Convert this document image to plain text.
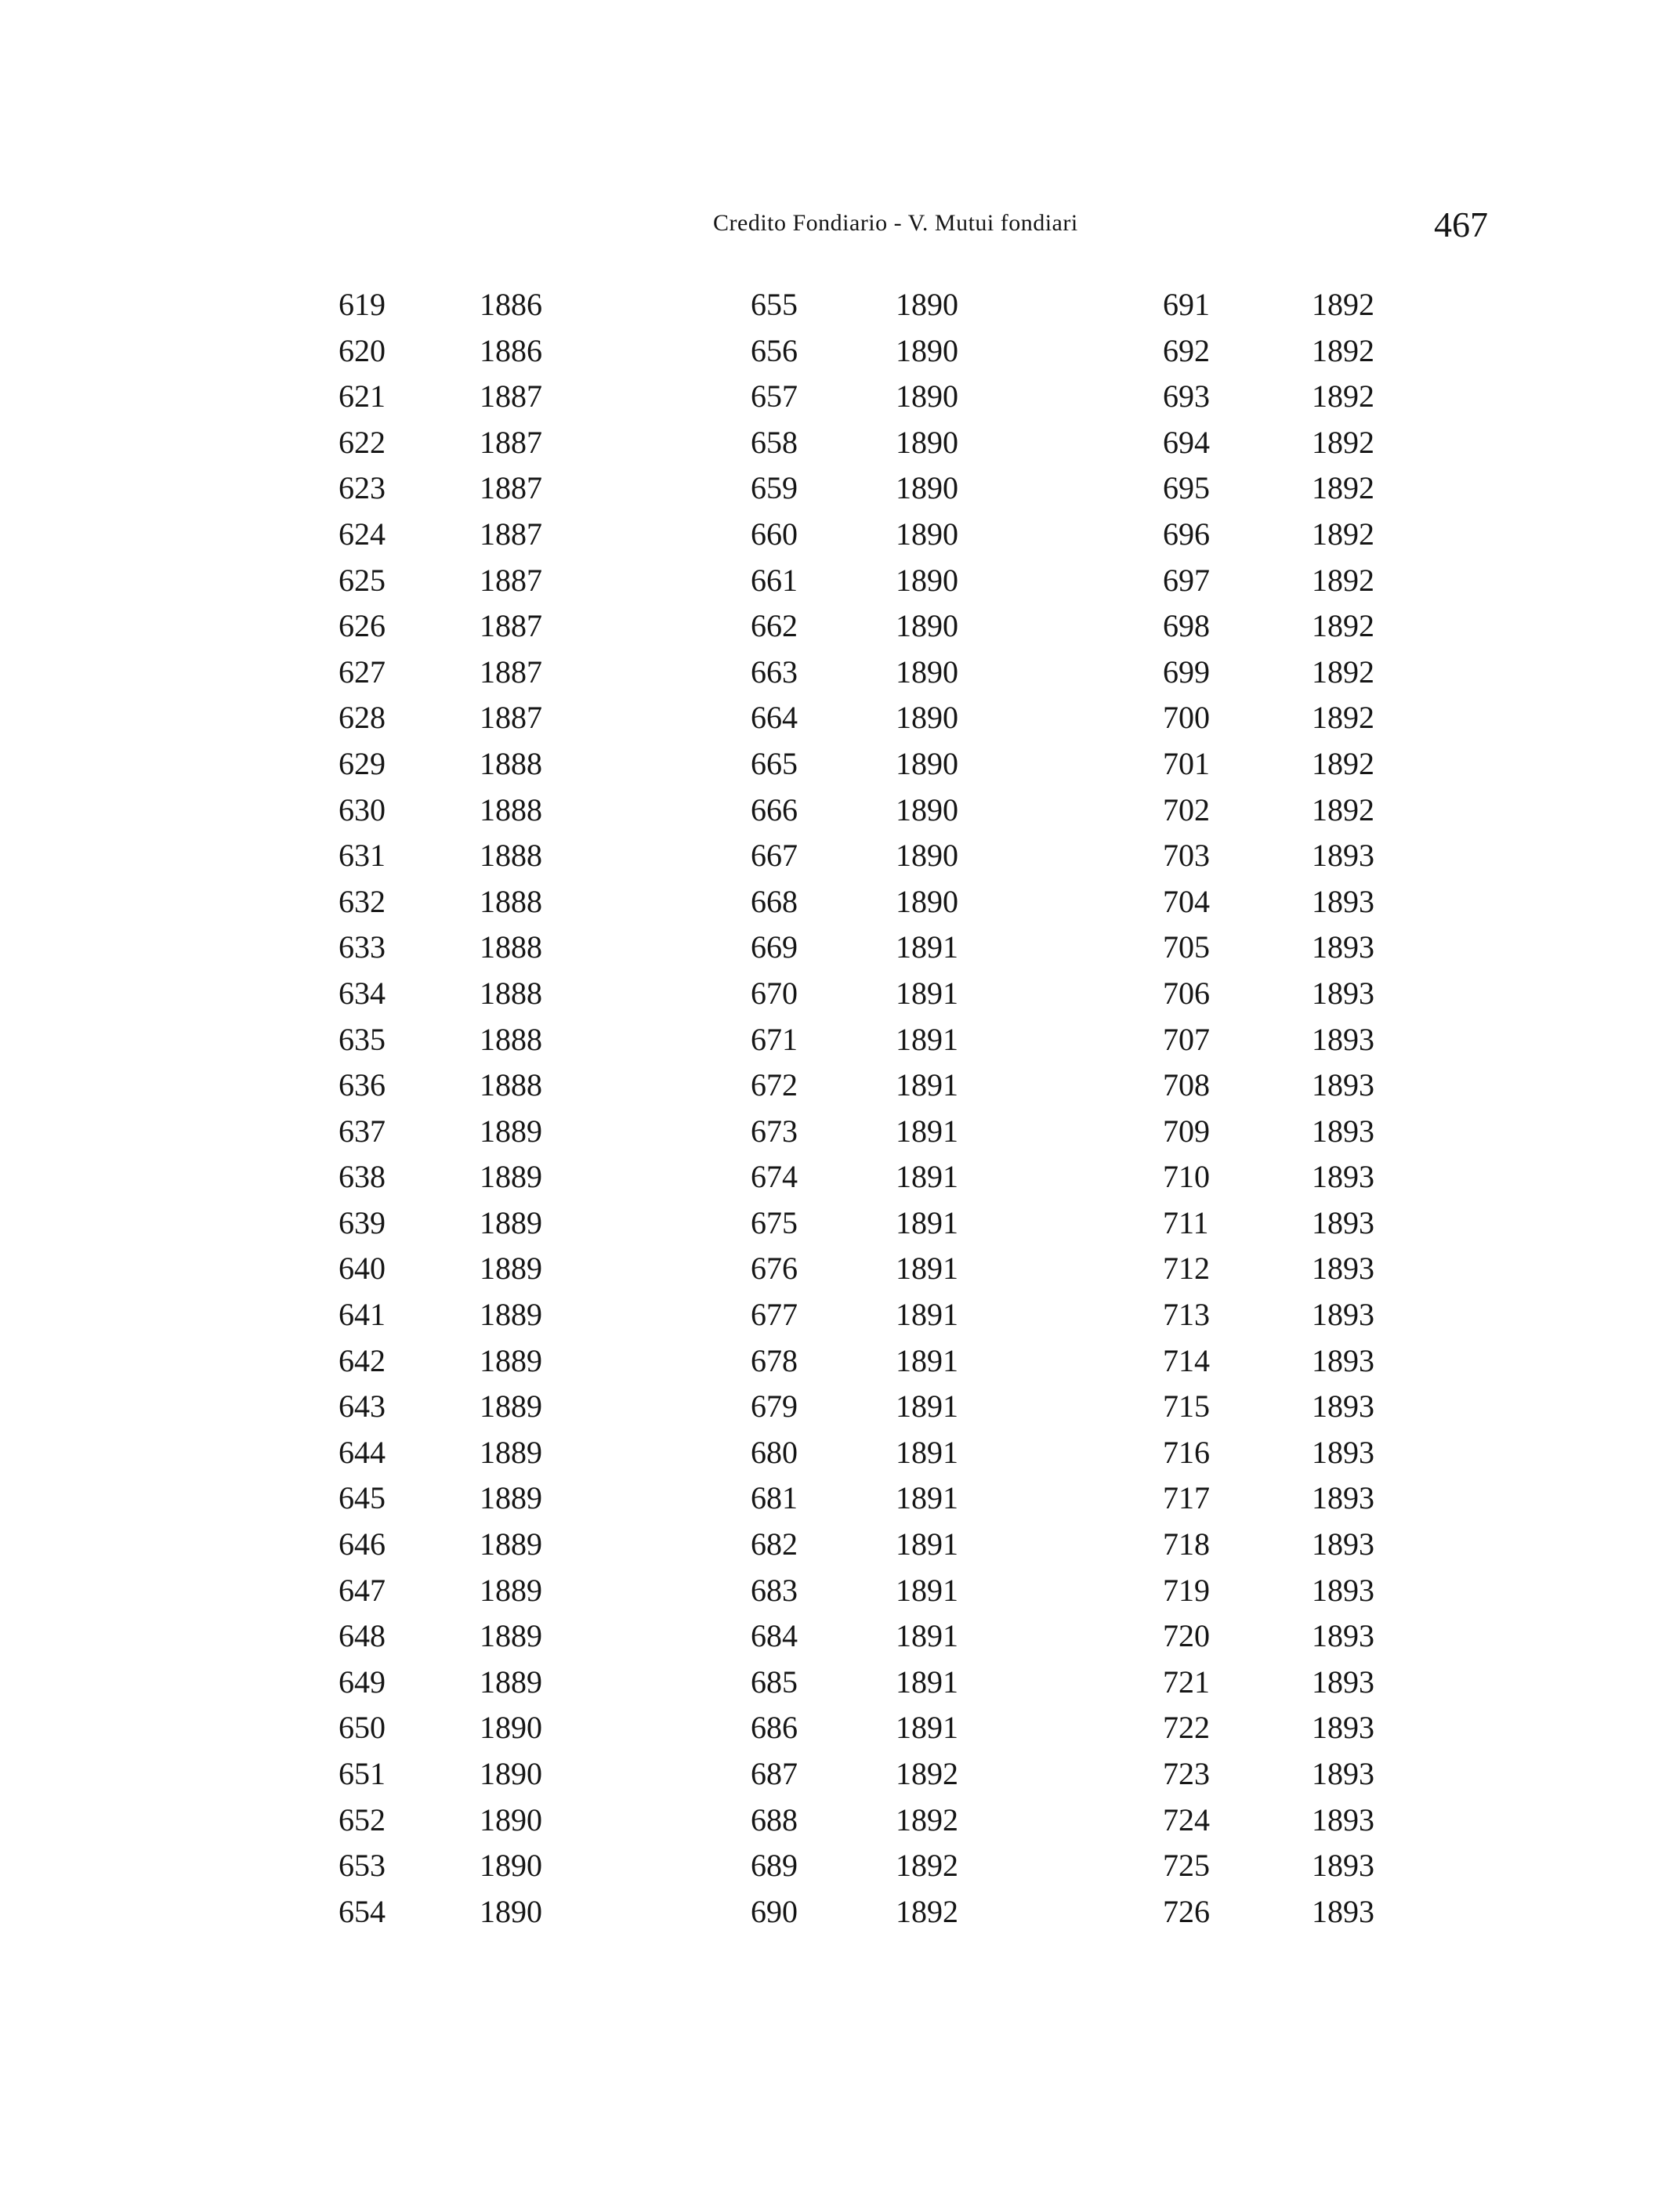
Credito Fondiario - V. Mutui fondiari	467
619	1886
620	1886
621	1887
622	1887
623	1887
624	1887
625	1887
626	1887
627	1887
628	1887
629	1888
630	1888
631	1888
632	1888
633	1888
634	1888
635	1888
636	1888
637	1889
638	1889
639	1889
640	1889
641	1889
642	1889
643	1889
644	1889
645	1889
646	1889
647	1889
648	1889
649	1889
650	1890
651	1890
652	1890
653	1890
654	1890
655	1890
656	1890
657	1890
658	1890
659	1890
660	1890
661	1890
662	1890
663	1890
664	1890
665	1890
666	1890
667	1890
668	1890
669	1891
670	1891
671	1891
672	1891
673	1891
674	1891
675	1891
676	1891
677	1891
678	1891
679	1891
680	1891
681	1891
682	1891
683	1891
684	1891
685	1891
686	1891
687	1892
688	1892
689	1892
690	1892
691	1892
692	1892
693	1892
694	1892
695	1892
696	1892
697	1892
698	1892
699	1892
700	1892
701	1892
702	1892
703	1893
704	1893
705	1893
706	1893
707	1893
708	1893
709	1893
710	1893
711	1893
712	1893
713	1893
714	1893
715	1893
716	1893
717	1893
718	1893
719	1893
720	1893
721	1893
722	1893
723	1893
724	1893
725	1893
726	1893
